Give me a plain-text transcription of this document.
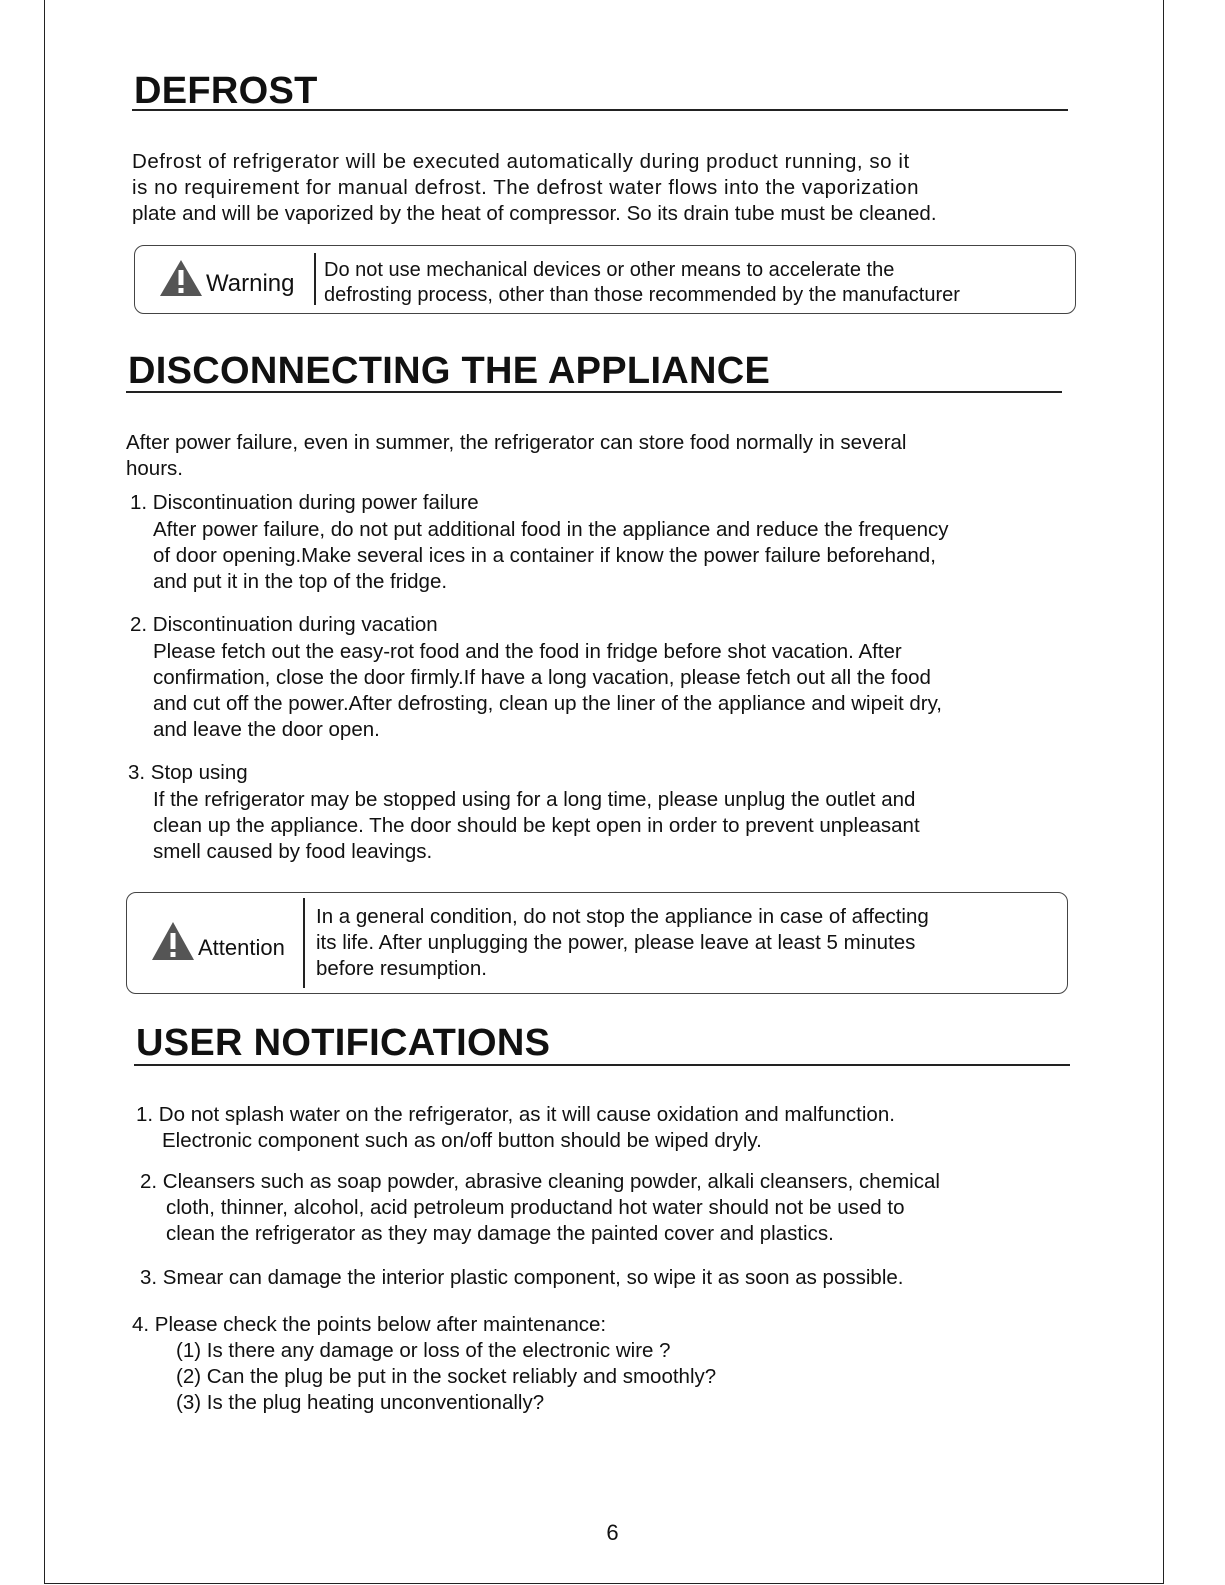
DEFROST

Defrost of refrigerator will be executed automatically during product running, so it
is no requirement for manual defrost. The defrost water flows into the vaporization
plate and will be vaporized by the heat of compressor. So its drain tube must be cleaned.

Warning Do not use mechanical devices or other means to accelerate the
defrosting process, other than those recommended by the manufacturer

DISCONNECTING THE APPLIANCE

After power failure, even in summer, the refrigerator can store food normally in several
hours.

1. Discontinuation during power failure

After power failure, do not put additional food in the appliance and reduce the frequency
of door opening.Make several ices in a container if know the power failure beforehand,
and put it in the top of the fridge.

2. Discontinuation during vacation

Please fetch out the easy-rot food and the food in fridge before shot vacation. After
confirmation, close the door firmly.If have a long vacation, please fetch out all the food
and cut off the power.After defrosting, clean up the liner of the appliance and wipeit dry,
and leave the door open.

3. Stop using

If the refrigerator may be stopped using for a long time, please unplug the outlet and
clean up the appliance. The door should be kept open in order to prevent unpleasant
smell caused by food leavings.

Attention

In a general condition, do not stop the appliance in case of affecting
its life. After unplugging the power, please leave at least 5 minutes
before resumption.

USER NOTIFICATIONS

1. Do not splash water on the refrigerator, as it will cause oxidation and malfunction.
Electronic component such as on/off button should be wiped dryly.

2. Cleansers such as soap powder, abrasive cleaning powder, alkali cleansers, chemical
cloth, thinner, alcohol, acid petroleum productand hot water should not be used to
clean the refrigerator as they may damage the painted cover and plastics.

3. Smear can damage the interior plastic component, so wipe it as soon as possible.

4. Please check the points below after maintenance:
(1) Is there any damage or loss of the electronic wire ?
(2) Can the plug be put in the socket reliably and smoothly?
(3) Is the plug heating unconventionally?

6
